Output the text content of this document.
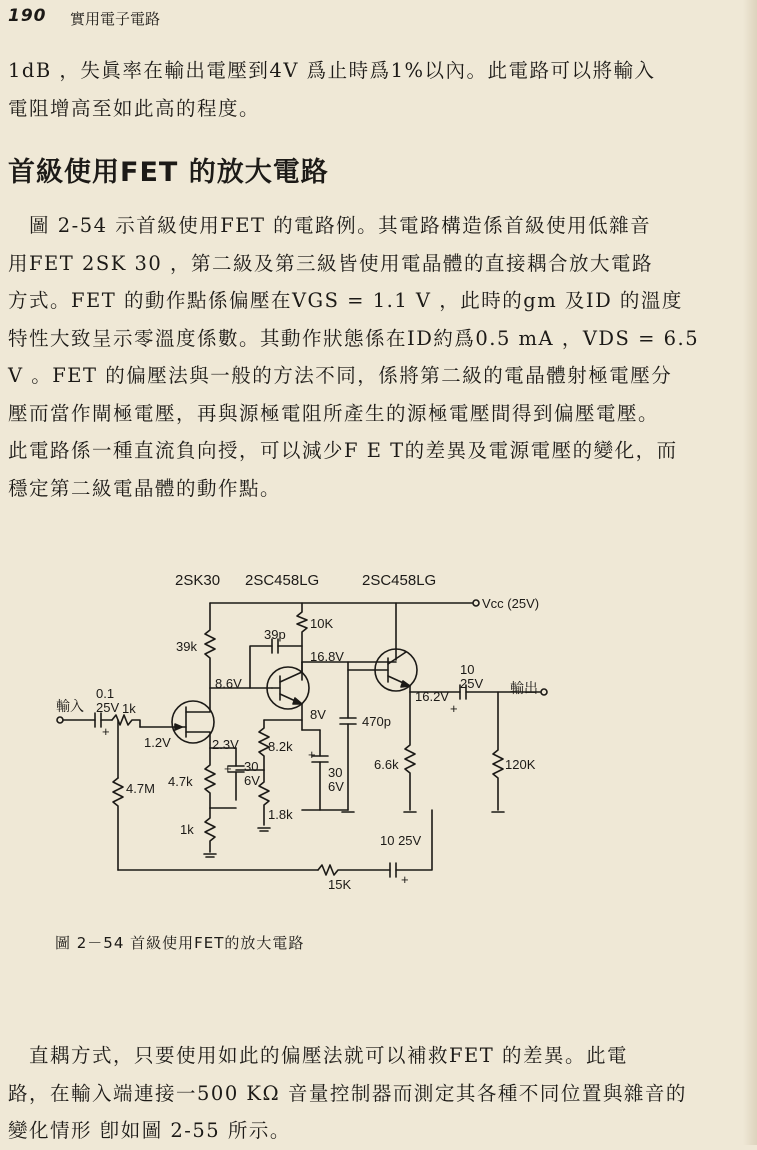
190 實用電子電路
1dB ，失眞率在輸出電壓到4V 爲止時爲1%以內。此電路可以將輸入
電阻增高至如此高的程度。
首級使用FET 的放大電路
　圖 2-54 示首級使用FET 的電路例。其電路構造係首級使用低雜音
用FET 2SK 30 ，第二級及第三級皆使用電晶體的直接耦合放大電路
方式。FET 的動作點係偏壓在VGS = 1.1 V ，此時的gm 及ID 的溫度
特性大致呈示零溫度係數。其動作狀態係在ID約爲0.5 mA ，VDS = 6.5
V 。FET 的偏壓法與一般的方法不同，係將第二級的電晶體射極電壓分
壓而當作閘極電壓，再與源極電阻所產生的源極電壓間得到偏壓電壓。
此電路係一種直流負向授，可以減少F E T的差異及電源電壓的變化，而
穩定第二級電晶體的動作點。
2SK30 2SC458LG	2SC458LG
Vcc (25V)
39k
39p
10K
16.8V
8.6V
8V
輸入
0.1
25V 1k
1.2V	2.3V
4.7M 4.7k
30
6V
8.2k
30
6V
470p
1k
1.8k
6.6k
16.2V
10
25V 輸出
120K
10 25V
15K
+
+
+
+
+
圖 2－54 首級使用FET的放大電路
　直耦方式，只要使用如此的偏壓法就可以補救FET 的差異。此電
路，在輸入端連接一500 KΩ 音量控制器而測定其各種不同位置與雜音的
變化情形 卽如圖 2-55 所示。
